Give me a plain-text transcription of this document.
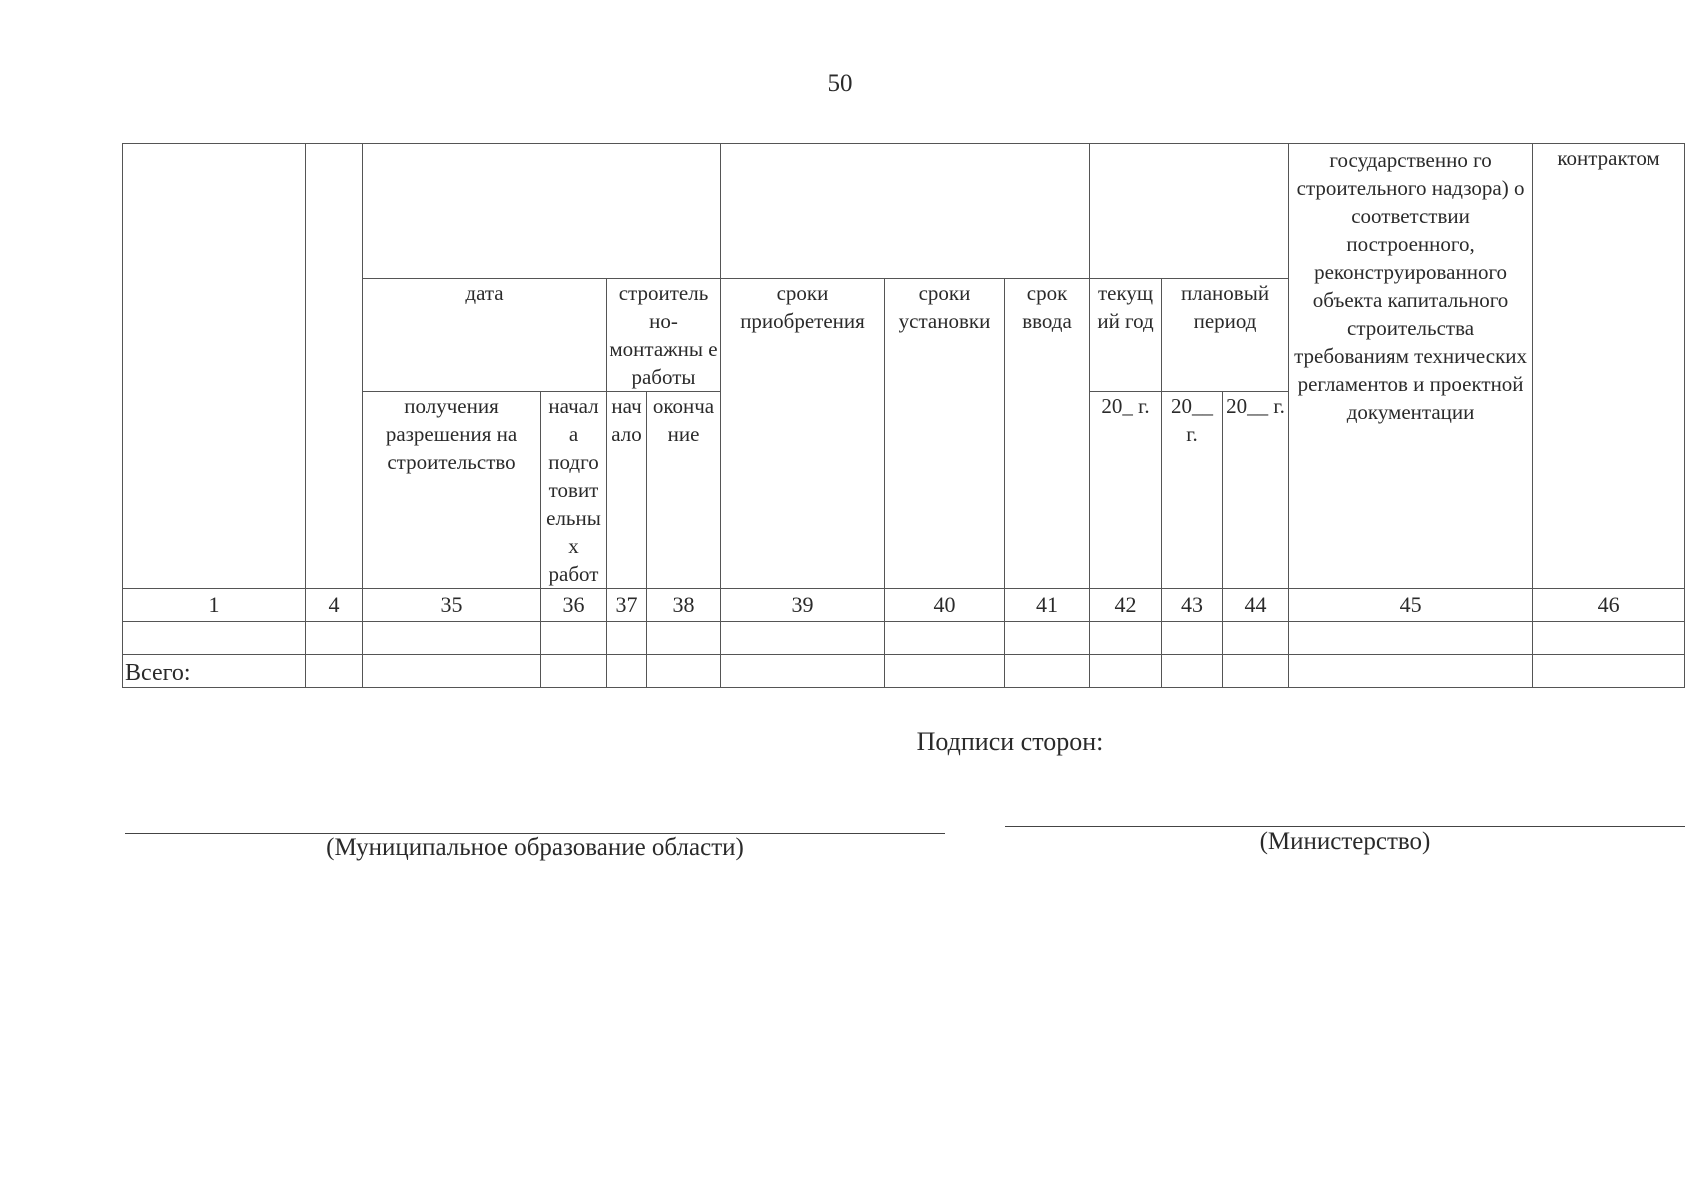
50
												государственно го строительного надзора) о соответствии построенного, реконструированного объекта капитального строительства требованиям технических регламентов и проектной документации	контрактом
		дата		строитель но- монтажны е работы		сроки приобретения	сроки установки	срок ввода	текущ ий год	плановый период			
		получения разрешения на строительство	начал а подго товит ельны х работ	нач ало	оконча ние				20_ г.	20__ г.	20__ г.		
1	4	35	36	37	38	39	40	41	42	43	44	45	46

Всего:													
Подписи сторон:
(Муниципальное образование области)	(Министерство)
